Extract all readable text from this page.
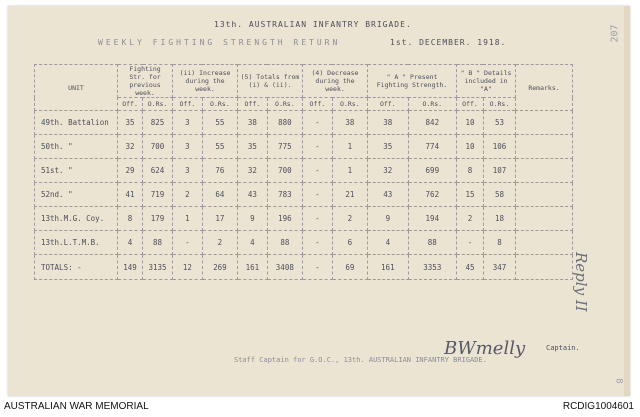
13th. AUSTRALIAN INFANTRY BRIGADE.
WEEKLY FIGHTING STRENGTH RETURN	1st. DECEMBER. 1918.	207
UNIT	Fighting Str. for previous week.		(ii) Increase during the week.		(5) Totals from (i) & (ii).		(4) Decrease during the week.		" A " Present Fighting Strength.		" B " Details included in "A"		Remarks.
	Off.	O.Rs.	Off.	O.Rs.	Off.	O.Rs.	Off.	O.Rs.	Off.	O.Rs.	Off.	O.Rs.	
49th. Battalion	35	825	3	55	38	880	-	38	38	842	10	53	
50th. "	32	700	3	55	35	775	-	1	35	774	10	106	
51st. "	29	624	3	76	32	700	-	1	32	699	8	107	
52nd. "	41	719	2	64	43	783	-	21	43	762	15	58	
13th.M.G. Coy.	8	179	1	17	9	196	-	2	9	194	2	18	
13th.L.T.M.B.	4	88	-	2	4	88	-	6	4	88	-	8	
TOTALS: -	149	3135	12	269	161	3408	-	69	161	3353	45	347	
BWmelly	Captain.
Staff Captain for G.O.C., 13th. AUSTRALIAN INFANTRY BRIGADE.
Reply II
8
AUSTRALIAN WAR MEMORIAL	RCDIG1004601
